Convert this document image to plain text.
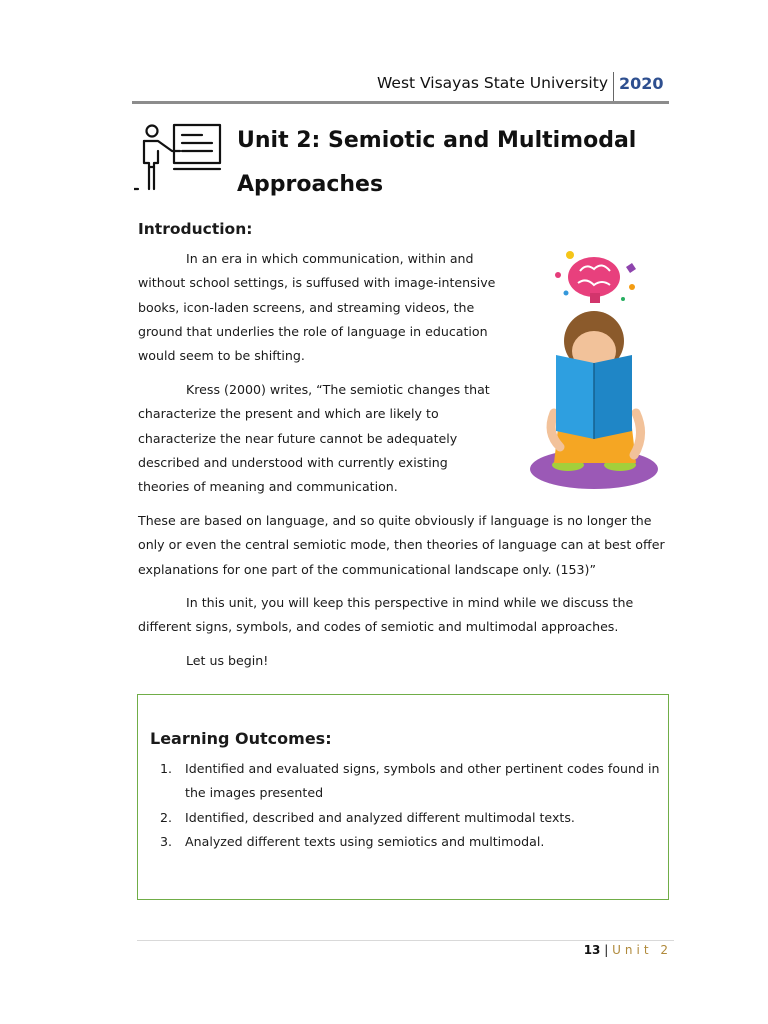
West Visayas State University 2020
Unit 2: Semiotic and Multimodal Approaches
Introduction:

In an era in which communication, within and without school settings, is suffused with image-intensive books, icon-laden screens, and streaming videos, the ground that underlies the role of language in education would seem to be shifting.

Kress (2000) writes, “The semiotic changes that characterize the present and which are likely to characterize the near future cannot be adequately described and understood with currently existing theories of meaning and communication.

These are based on language, and so quite obviously if language is no longer the only or even the central semiotic mode, then theories of language can at best offer explanations for one part of the communicational landscape only. (153)”

In this unit, you will keep this perspective in mind while we discuss the different signs, symbols, and codes of semiotic and multimodal approaches.

Let us begin!

Learning Outcomes:
1. Identified and evaluated signs, symbols and other pertinent codes found in the images presented
2. Identified, described and analyzed different multimodal texts.
3. Analyzed different texts using semiotics and multimodal.
13 | Unit 2
